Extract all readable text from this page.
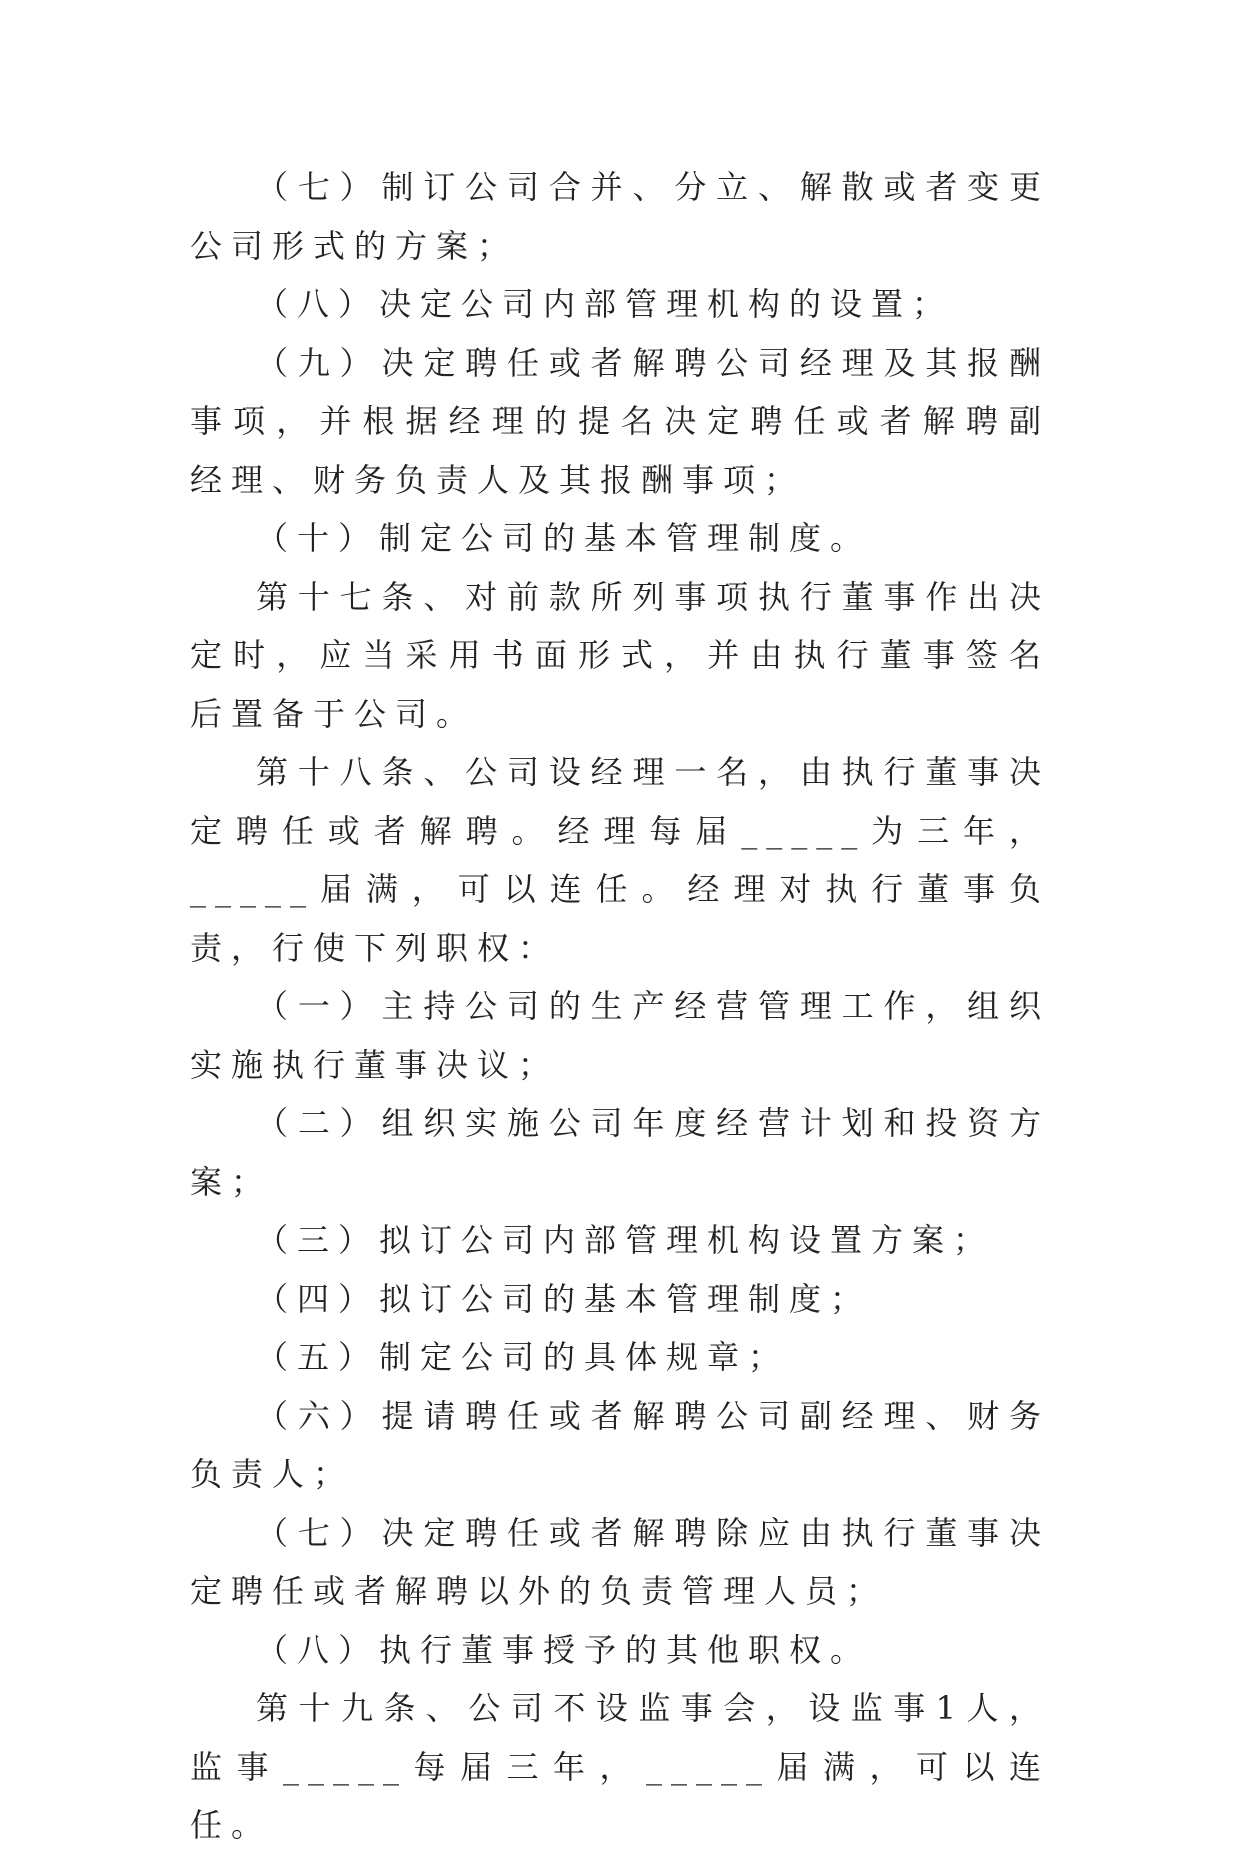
（七）制订公司合并、分立、解散或者变更公司形式的方案；

（八）决定公司内部管理机构的设置；

（九）决定聘任或者解聘公司经理及其报酬事项，并根据经理的提名决定聘任或者解聘副经理、财务负责人及其报酬事项；

（十）制定公司的基本管理制度。

第十七条、对前款所列事项执行董事作出决定时，应当采用书面形式，并由执行董事签名后置备于公司。

第十八条、公司设经理一名，由执行董事决定聘任或者解聘。经理每届_____为三年，_____届满，可以连任。经理对执行董事负责，行使下列职权：

（一）主持公司的生产经营管理工作，组织实施执行董事决议；

（二）组织实施公司年度经营计划和投资方案；

（三）拟订公司内部管理机构设置方案；

（四）拟订公司的基本管理制度；

（五）制定公司的具体规章；

（六）提请聘任或者解聘公司副经理、财务负责人；

（七）决定聘任或者解聘除应由执行董事决定聘任或者解聘以外的负责管理人员；

（八）执行董事授予的其他职权。

第十九条、公司不设监事会，设监事1人，监事_____每届三年，_____届满，可以连任。
